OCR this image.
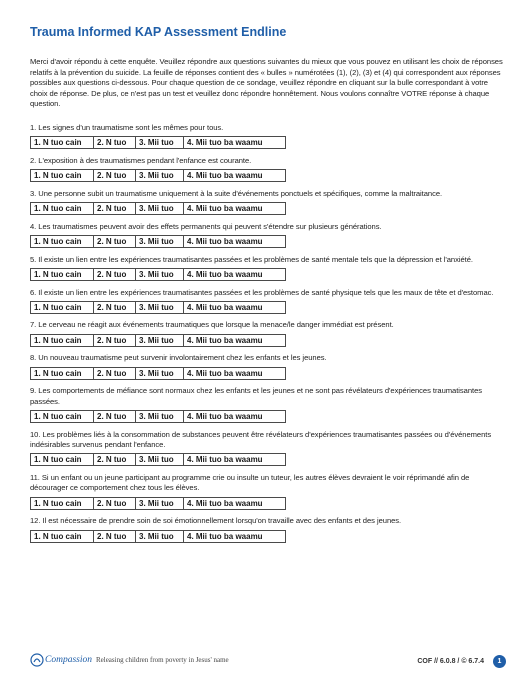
Trauma Informed KAP Assessment Endline

Merci d'avoir répondu à cette enquête. Veuillez répondre aux questions suivantes du mieux que vous pouvez en utilisant les choix de réponses relatifs à la prévention du suicide. La feuille de réponses contient des « bulles » numérotées (1), (2), (3) et (4) qui correspondent aux réponses possibles aux questions ci-dessous. Pour chaque question de ce sondage, veuillez répondre en cliquant sur la bulle correspondant à votre choix de réponse. De plus, ce n'est pas un test et veuillez donc répondre honnêtement. Nous voulons connaître VOTRE réponse à chaque question.

1. Les signes d'un traumatisme sont les mêmes pour tous.

1. N tuo cain	2. N tuo	3. Mii tuo	4. Mii tuo ba waamu

2. L'exposition à des traumatismes pendant l'enfance est courante.

1. N tuo cain	2. N tuo	3. Mii tuo	4. Mii tuo ba waamu

3. Une personne subit un traumatisme uniquement à la suite d'événements ponctuels et spécifiques, comme la maltraitance.

1. N tuo cain	2. N tuo	3. Mii tuo	4. Mii tuo ba waamu

4. Les traumatismes peuvent avoir des effets permanents qui peuvent s'étendre sur plusieurs générations.

1. N tuo cain	2. N tuo	3. Mii tuo	4. Mii tuo ba waamu

5. Il existe un lien entre les expériences traumatisantes passées et les problèmes de santé mentale tels que la dépression et l'anxiété.

1. N tuo cain	2. N tuo	3. Mii tuo	4. Mii tuo ba waamu

6. Il existe un lien entre les expériences traumatisantes passées et les problèmes de santé physique tels que les maux de tête et d'estomac.

1. N tuo cain	2. N tuo	3. Mii tuo	4. Mii tuo ba waamu

7. Le cerveau ne réagit aux événements traumatiques que lorsque la menace/le danger immédiat est présent.

1. N tuo cain	2. N tuo	3. Mii tuo	4. Mii tuo ba waamu

8. Un nouveau traumatisme peut survenir involontairement chez les enfants et les jeunes.

1. N tuo cain	2. N tuo	3. Mii tuo	4. Mii tuo ba waamu

9. Les comportements de méfiance sont normaux chez les enfants et les jeunes et ne sont pas révélateurs d'expériences traumatisantes passées.

1. N tuo cain	2. N tuo	3. Mii tuo	4. Mii tuo ba waamu

10. Les problèmes liés à la consommation de substances peuvent être révélateurs d'expériences traumatisantes passées ou d'événements indésirables survenus pendant l'enfance.

1. N tuo cain	2. N tuo	3. Mii tuo	4. Mii tuo ba waamu

11. Si un enfant ou un jeune participant au programme crie ou insulte un tuteur, les autres élèves devraient le voir réprimandé afin de décourager ce comportement chez tous les élèves.

1. N tuo cain	2. N tuo	3. Mii tuo	4. Mii tuo ba waamu

12. Il est nécessaire de prendre soin de soi émotionnellement lorsqu'on travaille avec des enfants et des jeunes.

1. N tuo cain	2. N tuo	3. Mii tuo	4. Mii tuo ba waamu
Compassion Releasing children from poverty in Jesus' name	COF // 6.0.8 / © 6.7.4	1
